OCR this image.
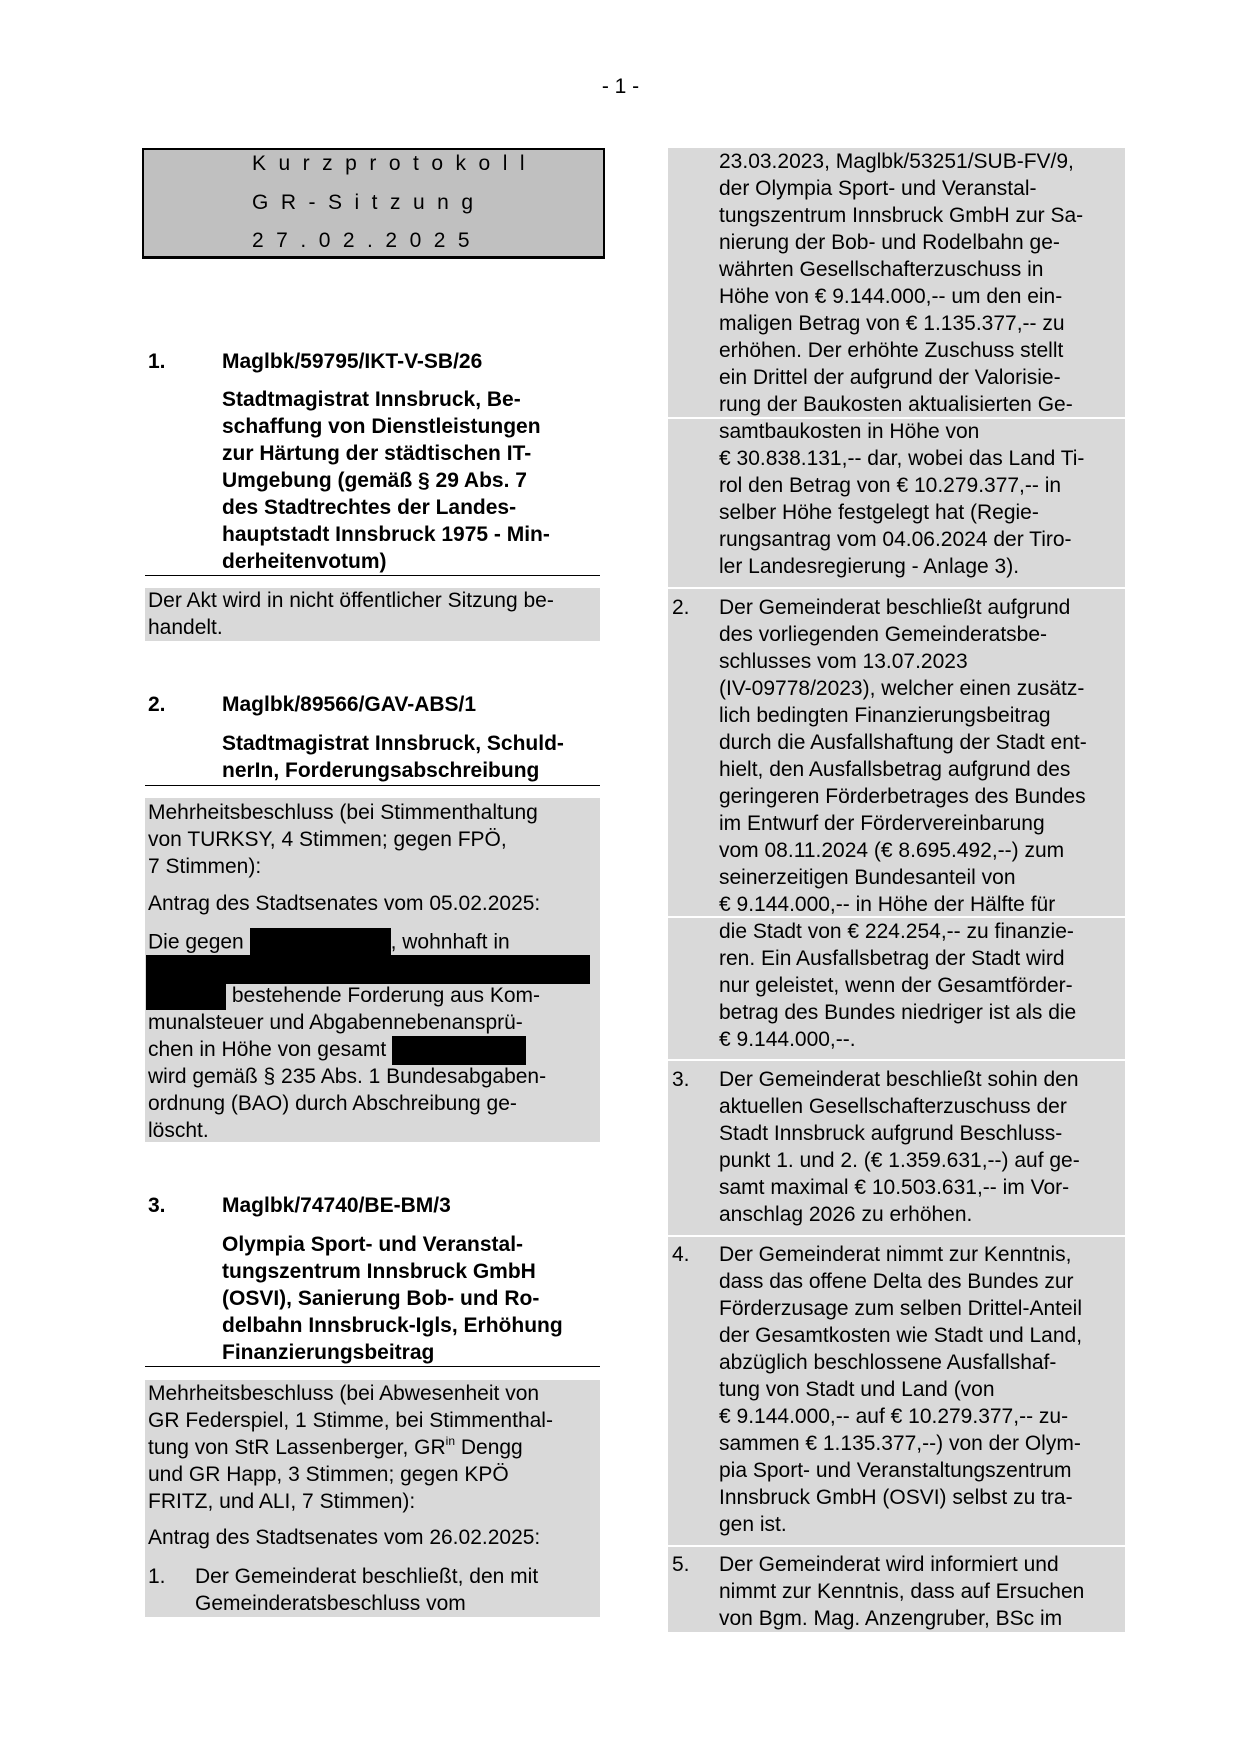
- 1 -
Kurzprotokoll
GR-Sitzung
27.02.2025
1.	Maglbk/59795/IKT-V-SB/26
Stadtmagistrat Innsbruck, Be-
schaffung von Dienstleistungen
zur Härtung der städtischen IT-
Umgebung (gemäß § 29 Abs. 7
des Stadtrechtes der Landes-
hauptstadt Innsbruck 1975 - Min-
derheitenvotum)
Der Akt wird in nicht öffentlicher Sitzung be-
handelt.
2.	Maglbk/89566/GAV-ABS/1
Stadtmagistrat Innsbruck, Schuld-
nerIn, Forderungsabschreibung
Mehrheitsbeschluss (bei Stimmenthaltung
von TURKSY, 4 Stimmen; gegen FPÖ,
7 Stimmen):
Antrag des Stadtsenates vom 05.02.2025:
Die gegen	, wohnhaft in
bestehende Forderung aus Kom-
munalsteuer und Abgabennebenansprü-
chen in Höhe von gesamt
wird gemäß § 235 Abs. 1 Bundesabgaben-
ordnung (BAO) durch Abschreibung ge-
löscht.
3.	Maglbk/74740/BE-BM/3
Olympia Sport- und Veranstal-
tungszentrum Innsbruck GmbH
(OSVI), Sanierung Bob- und Ro-
delbahn Innsbruck-Igls, Erhöhung
Finanzierungsbeitrag
Mehrheitsbeschluss (bei Abwesenheit von
GR Federspiel, 1 Stimme, bei Stimmenthal-
tung von StR Lassenberger, $GR^{in}$ Dengg
und GR Happ, 3 Stimmen; gegen KPÖ
FRITZ, und ALI, 7 Stimmen):
Antrag des Stadtsenates vom 26.02.2025:
1. Der Gemeinderat beschließt, den mit
Gemeinderatsbeschluss vom
23.03.2023, Maglbk/53251/SUB-FV/9,
der Olympia Sport- und Veranstal-
tungszentrum Innsbruck GmbH zur Sa-
nierung der Bob- und Rodelbahn ge-
währten Gesellschafterzuschuss in
Höhe von € 9.144.000,-- um den ein-
maligen Betrag von € 1.135.377,-- zu
erhöhen. Der erhöhte Zuschuss stellt
ein Drittel der aufgrund der Valorisie-
rung der Baukosten aktualisierten Ge-
samtbaukosten in Höhe von
€ 30.838.131,-- dar, wobei das Land Ti-
rol den Betrag von € 10.279.377,-- in
selber Höhe festgelegt hat (Regie-
rungsantrag vom 04.06.2024 der Tiro-
ler Landesregierung - Anlage 3).
2. Der Gemeinderat beschließt aufgrund
des vorliegenden Gemeinderatsbe-
schlusses vom 13.07.2023
(IV-09778/2023), welcher einen zusätz-
lich bedingten Finanzierungsbeitrag
durch die Ausfallshaftung der Stadt ent-
hielt, den Ausfallsbetrag aufgrund des
geringeren Förderbetrages des Bundes
im Entwurf der Fördervereinbarung
vom 08.11.2024 (€ 8.695.492,--) zum
seinerzeitigen Bundesanteil von
€ 9.144.000,-- in Höhe der Hälfte für
die Stadt von € 224.254,-- zu finanzie-
ren. Ein Ausfallsbetrag der Stadt wird
nur geleistet, wenn der Gesamtförder-
betrag des Bundes niedriger ist als die
€ 9.144.000,--.
3. Der Gemeinderat beschließt sohin den
aktuellen Gesellschafterzuschuss der
Stadt Innsbruck aufgrund Beschluss-
punkt 1. und 2. (€ 1.359.631,--) auf ge-
samt maximal € 10.503.631,-- im Vor-
anschlag 2026 zu erhöhen.
4. Der Gemeinderat nimmt zur Kenntnis,
dass das offene Delta des Bundes zur
Förderzusage zum selben Drittel-Anteil
der Gesamtkosten wie Stadt und Land,
abzüglich beschlossene Ausfallshaf-
tung von Stadt und Land (von
€ 9.144.000,-- auf € 10.279.377,-- zu-
sammen € 1.135.377,--) von der Olym-
pia Sport- und Veranstaltungszentrum
Innsbruck GmbH (OSVI) selbst zu tra-
gen ist.
5. Der Gemeinderat wird informiert und
nimmt zur Kenntnis, dass auf Ersuchen
von Bgm. Mag. Anzengruber, BSc im
